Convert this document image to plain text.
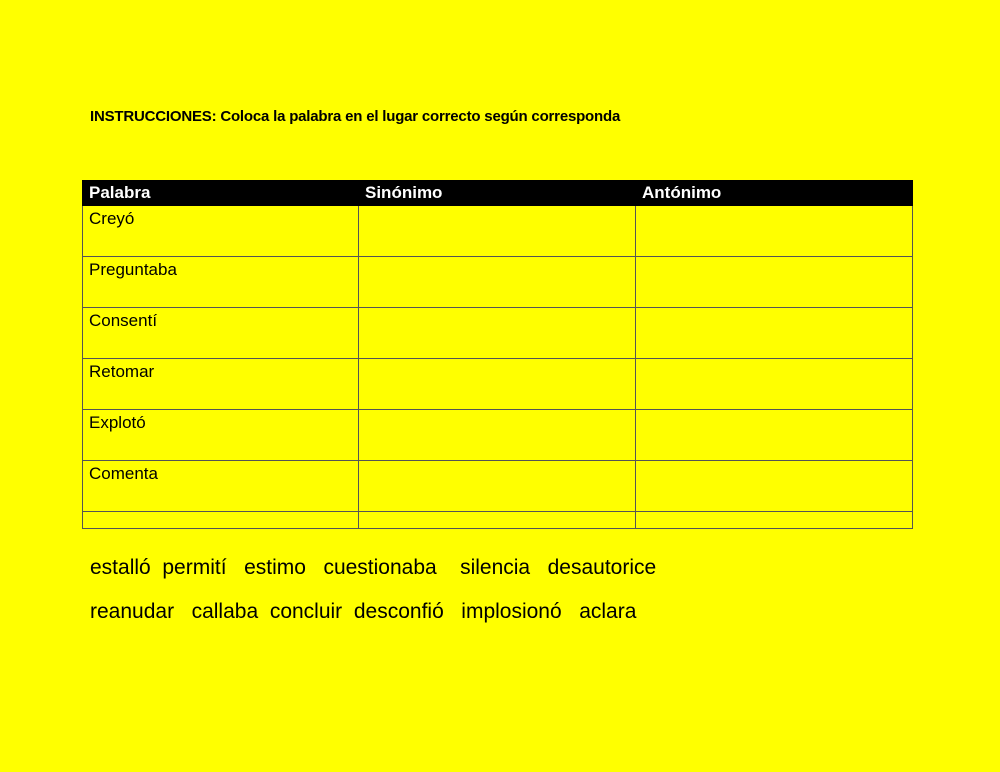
INSTRUCCIONES: Coloca la palabra en el lugar correcto según corresponda
Palabra	Sinónimo	Antónimo
Creyó		
Preguntaba		
Consentí		
Retomar		
Explotó		
Comenta		

estalló permití estimo cuestionaba silencia desautorice
reanudar callaba concluir desconfió implosionó aclara
